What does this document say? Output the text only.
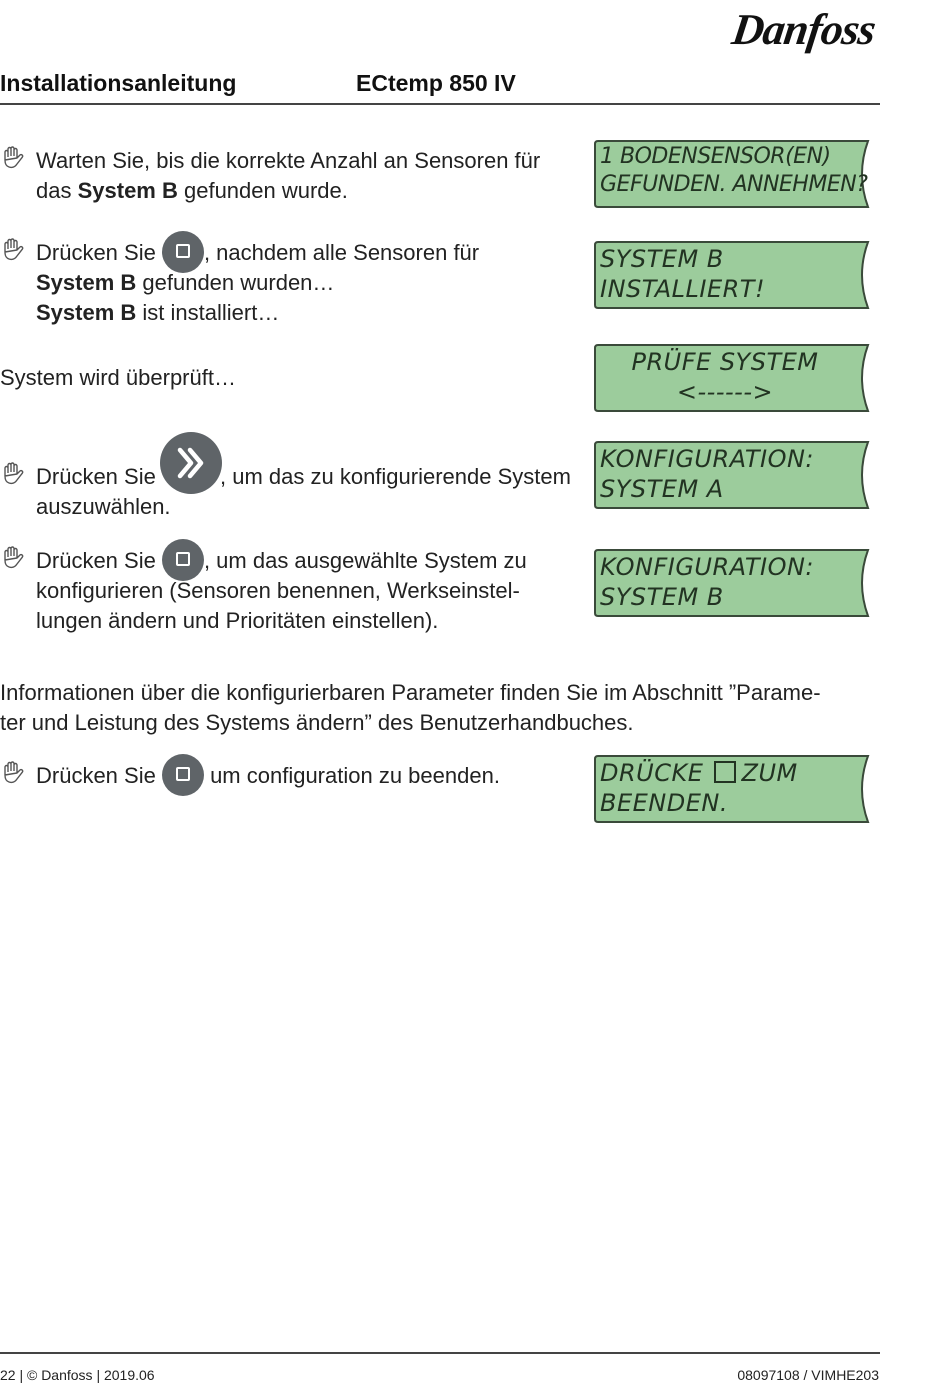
Danfoss
Installationsanleitung	ECtemp 850 IV
Warten Sie, bis die korrekte Anzahl an Sensoren für
das System B gefunden wurde.
Drücken Sie
, nachdem alle Sensoren für
System B gefunden wurden…
System B ist installiert…
System wird überprüft…
Drücken Sie	, um das zu konfigurierende System
auszuwählen.
Drücken Sie
, um das ausgewählte System zu
konfigurieren (Sensoren benennen, Werkseinstel-
lungen ändern und Prioritäten einstellen).
Informationen über die konfigurierbaren Parameter finden Sie im Abschnitt ”Parame-
ter und Leistung des Systems ändern” des Benutzerhandbuches.
Drücken Sie
um configuration zu beenden.
1 BODENSENSOR(EN)
GEFUNDEN. ANNEHMEN?
SYSTEM B
INSTALLIERT!
PRÜFE SYSTEM
<------>
KONFIGURATION:
SYSTEM A
KONFIGURATION:
SYSTEM B
DRÜCKE ZUM
BEENDEN.
22 | © Danfoss | 2019.06	08097108 / VIMHE203
